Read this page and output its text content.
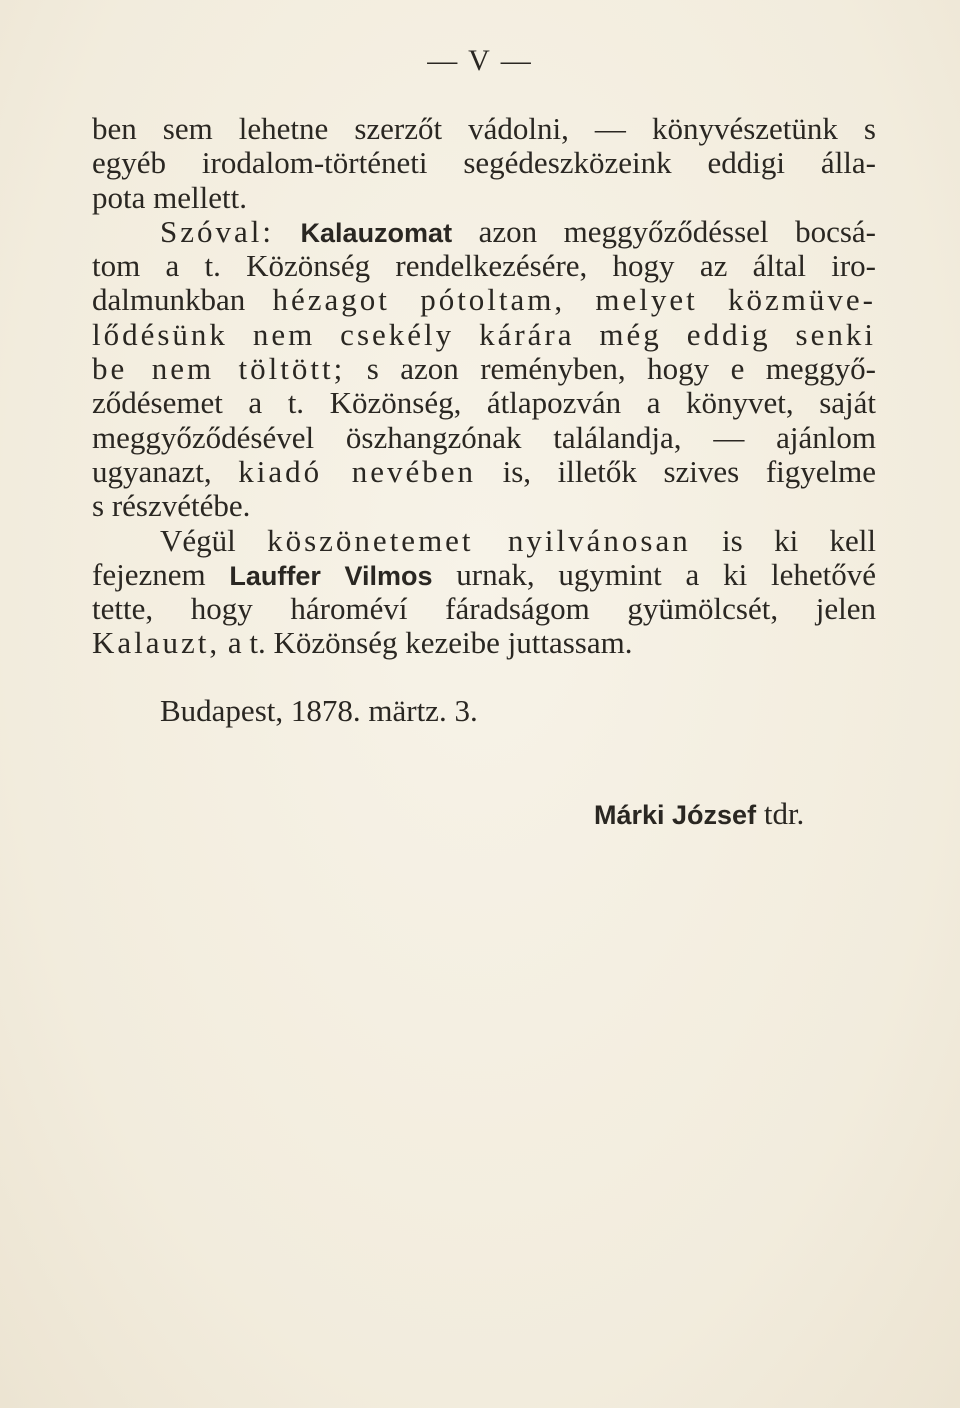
— V —
ben sem lehetne szerzőt vádolni, — könyvészetünk s
egyéb irodalom-történeti segédeszközeink eddigi álla-
pota mellett.
Szóval: Kalauzomat azon meggyőződéssel bocsá-
tom a t. Közönség rendelkezésére, hogy az által iro-
dalmunkban hézagot pótoltam, melyet közmüve-
lődésünk nem csekély kárára még eddig senki
be nem töltött; s azon reményben, hogy e meggyő-
ződésemet a t. Közönség, átlapozván a könyvet, saját
meggyőződésével öszhangzónak találandja, — ajánlom
ugyanazt, kiadó nevében is, illetők szives figyelme
s részvétébe.
Végül köszönetemet nyilvánosan is ki kell
fejeznem Lauffer Vilmos urnak, ugymint a ki lehetővé
tette, hogy hároméví fáradságom gyümölcsét, jelen
Kalauzt, a t. Közönség kezeibe juttassam.
Budapest, 1878. märtz. 3.
Márki József tdr.
